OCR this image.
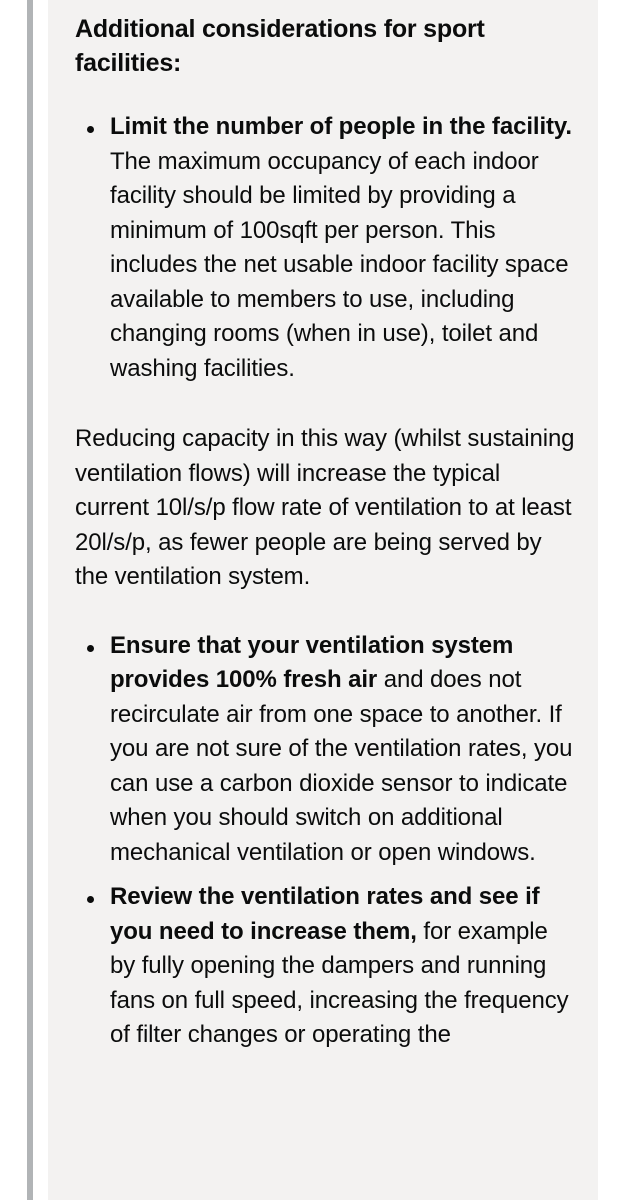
Additional considerations for sport facilities:
Limit the number of people in the facility. The maximum occupancy of each indoor facility should be limited by providing a minimum of 100sqft per person. This includes the net usable indoor facility space available to members to use, including changing rooms (when in use), toilet and washing facilities.

Reducing capacity in this way (whilst sustaining ventilation flows) will increase the typical current 10l/s/p flow rate of ventilation to at least 20l/s/p, as fewer people are being served by the ventilation system.

Ensure that your ventilation system provides 100% fresh air and does not recirculate air from one space to another. If you are not sure of the ventilation rates, you can use a carbon dioxide sensor to indicate when you should switch on additional mechanical ventilation or open windows.
Review the ventilation rates and see if you need to increase them, for example by fully opening the dampers and running fans on full speed, increasing the frequency of filter changes or operating the
